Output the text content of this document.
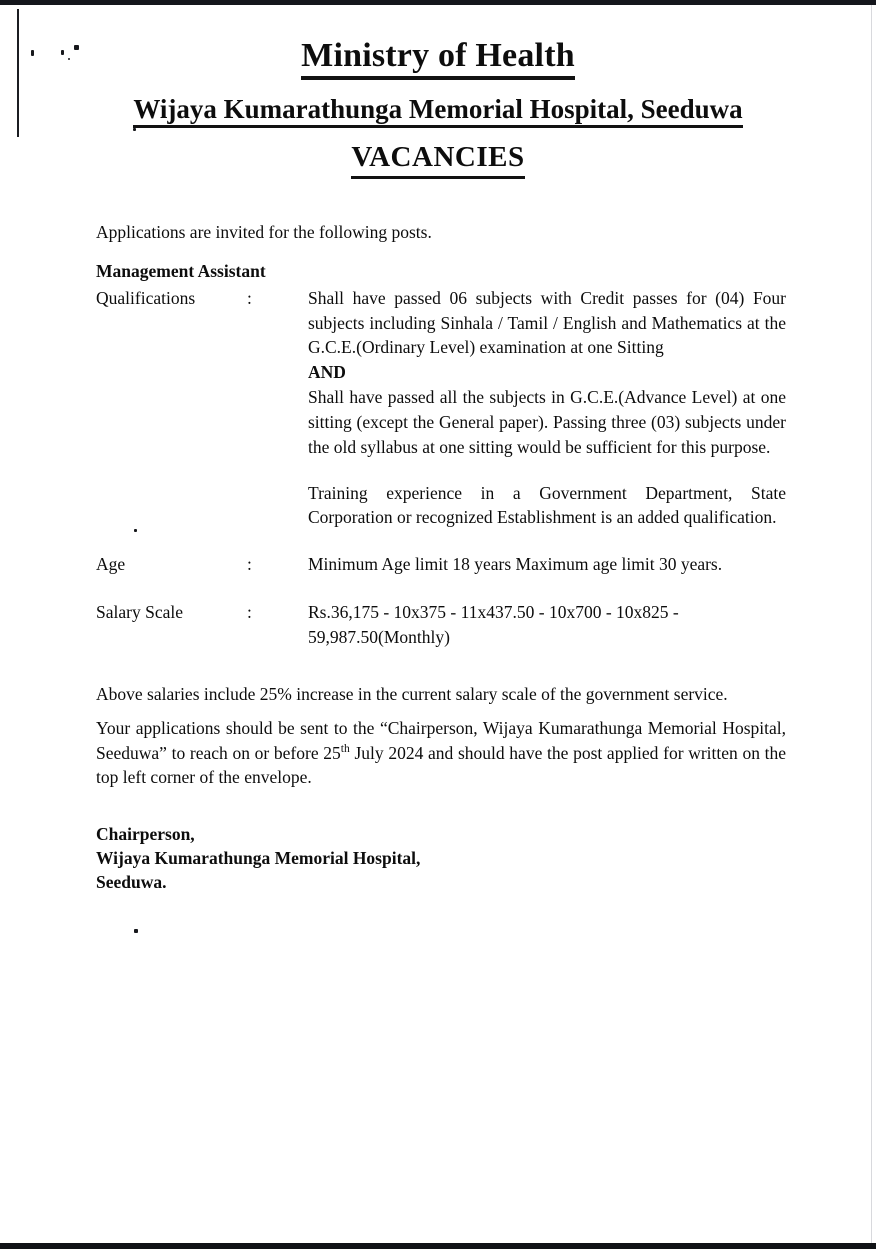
Ministry of Health
Wijaya Kumarathunga Memorial Hospital, Seeduwa
VACANCIES

Applications are invited for the following posts.

Management Assistant

Qualifications	:	Shall have passed 06 subjects with Credit passes for (04) Four subjects including Sinhala / Tamil / English and Mathematics at the G.C.E.(Ordinary Level) examination at one Sitting

AND

Shall have passed all the subjects in G.C.E.(Advance Level) at one sitting (except the General paper). Passing three (03) subjects under the old syllabus at one sitting would be sufficient for this purpose.

Training experience in a Government Department, State Corporation or recognized Establishment is an added qualification.

Age	:	Minimum Age limit 18 years Maximum age limit 30 years.
Salary Scale	:	Rs.36,175 - 10x375 - 11x437.50 - 10x700 - 10x825 -

59,987.50(Monthly)

Above salaries include 25% increase in the current salary scale of the government service.

Your applications should be sent to the “Chairperson, Wijaya Kumarathunga Memorial Hospital, Seeduwa” to reach on or before 25th July 2024 and should have the post applied for written on the top left corner of the envelope.

Chairperson,
Wijaya Kumarathunga Memorial Hospital,
Seeduwa.
